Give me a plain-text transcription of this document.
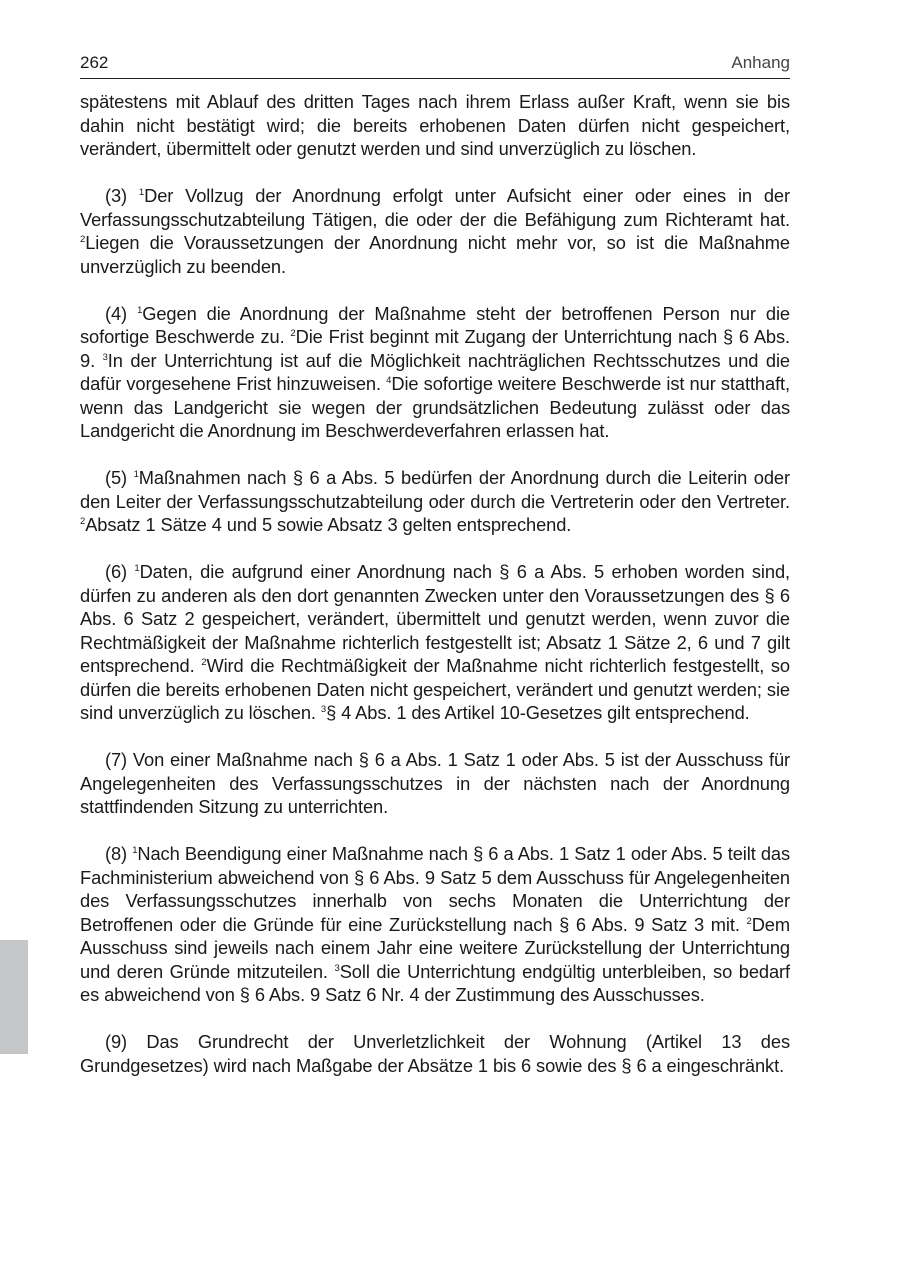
262	Anhang

spätestens mit Ablauf des dritten Tages nach ihrem Erlass außer Kraft, wenn sie bis dahin nicht bestätigt wird; die bereits erhobenen Daten dürfen nicht gespeichert, verändert, übermittelt oder genutzt werden und sind unverzüglich zu löschen.

(3) $^1$Der Vollzug der Anordnung erfolgt unter Aufsicht einer oder eines in der Verfassungsschutzabteilung Tätigen, die oder der die Befähigung zum Richteramt hat. $^2$Liegen die Voraussetzungen der Anordnung nicht mehr vor, so ist die Maßnahme unverzüglich zu beenden.

(4) $^1$Gegen die Anordnung der Maßnahme steht der betroffenen Person nur die sofortige Beschwerde zu. $^2$Die Frist beginnt mit Zugang der Unterrichtung nach § 6 Abs. 9. $^3$In der Unterrichtung ist auf die Möglichkeit nachträglichen Rechtsschutzes und die dafür vorgesehene Frist hinzuweisen. $^4$Die sofortige weitere Beschwerde ist nur statthaft, wenn das Landgericht sie wegen der grundsätzlichen Bedeutung zulässt oder das Landgericht die Anordnung im Beschwerdeverfahren erlassen hat.

(5) $^1$Maßnahmen nach § 6 a Abs. 5 bedürfen der Anordnung durch die Leiterin oder den Leiter der Verfassungsschutzabteilung oder durch die Vertreterin oder den Vertreter. $^2$Absatz 1 Sätze 4 und 5 sowie Absatz 3 gelten entsprechend.

(6) $^1$Daten, die aufgrund einer Anordnung nach § 6 a Abs. 5 erhoben worden sind, dürfen zu anderen als den dort genannten Zwecken unter den Voraussetzungen des § 6 Abs. 6 Satz 2 gespeichert, verändert, übermittelt und genutzt werden, wenn zuvor die Rechtmäßigkeit der Maßnahme richterlich festgestellt ist; Absatz 1 Sätze 2, 6 und 7 gilt entsprechend. $^2$Wird die Rechtmäßigkeit der Maßnahme nicht richterlich festgestellt, so dürfen die bereits erhobenen Daten nicht gespeichert, verändert und genutzt werden; sie sind unverzüglich zu löschen. $^3$§ 4 Abs. 1 des Artikel 10-Gesetzes gilt entsprechend.

(7) Von einer Maßnahme nach § 6 a Abs. 1 Satz 1 oder Abs. 5 ist der Ausschuss für Angelegenheiten des Verfassungsschutzes in der nächsten nach der Anordnung stattfindenden Sitzung zu unterrichten.

(8) $^1$Nach Beendigung einer Maßnahme nach § 6 a Abs. 1 Satz 1 oder Abs. 5 teilt das Fachministerium abweichend von § 6 Abs. 9 Satz 5 dem Ausschuss für Angelegenheiten des Verfassungsschutzes innerhalb von sechs Monaten die Unterrichtung der Betroffenen oder die Gründe für eine Zurückstellung nach § 6 Abs. 9 Satz 3 mit. $^2$Dem Ausschuss sind jeweils nach einem Jahr eine weitere Zurückstellung der Unterrichtung und deren Gründe mitzuteilen. $^3$Soll die Unterrichtung endgültig unterbleiben, so bedarf es abweichend von § 6 Abs. 9 Satz 6 Nr. 4 der Zustimmung des Ausschusses.

(9) Das Grundrecht der Unverletzlichkeit der Wohnung (Artikel 13 des Grundgesetzes) wird nach Maßgabe der Absätze 1 bis 6 sowie des § 6 a eingeschränkt.
